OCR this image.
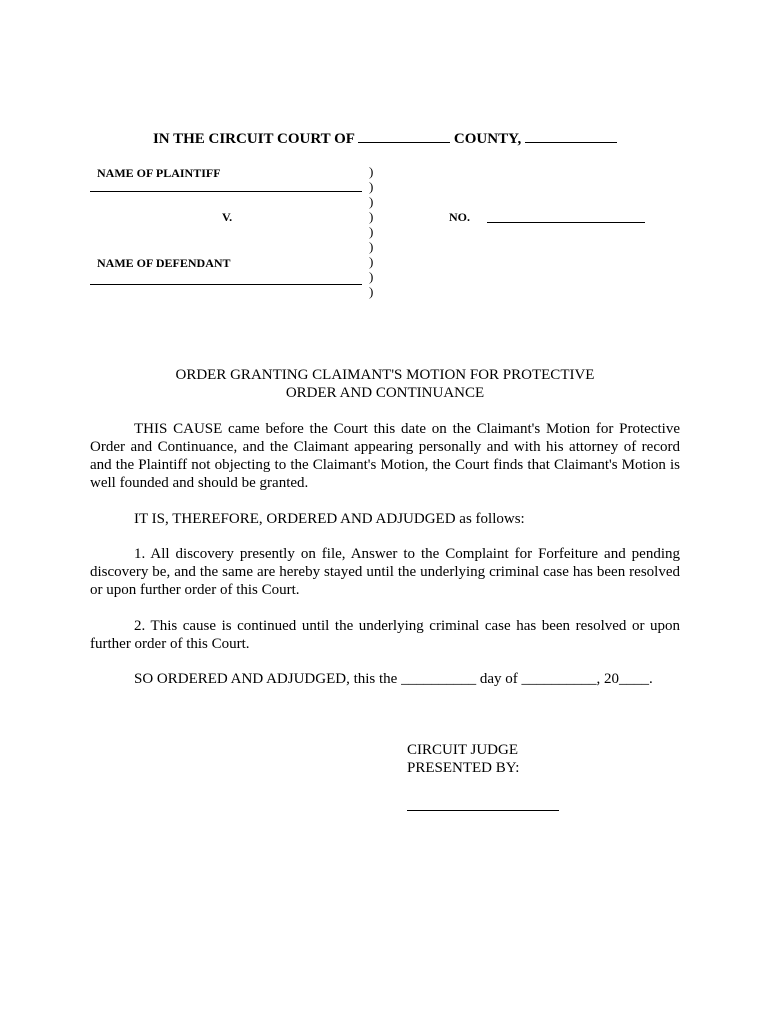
IN THE CIRCUIT COURT OF	COUNTY,
NAME OF PLAINTIFF
V.
NAME OF DEFENDANT
)
)
)
)
)
)
)
)
)
NO.
ORDER GRANTING CLAIMANT'S MOTION FOR PROTECTIVE
ORDER AND CONTINUANCE
THIS CAUSE came before the Court this date on the Claimant's Motion for Protective Order and Continuance, and the Claimant appearing personally and with his attorney of record and the Plaintiff not objecting to the Claimant's Motion, the Court finds that Claimant's Motion is well founded and should be granted.
IT IS, THEREFORE, ORDERED AND ADJUDGED as follows:
1. All discovery presently on file, Answer to the Complaint for Forfeiture and pending discovery be, and the same are hereby stayed until the underlying criminal case has been resolved or upon further order of this Court.
2. This cause is continued until the underlying criminal case has been resolved or upon further order of this Court.
SO ORDERED AND ADJUDGED, this the __________ day of __________, 20____.
CIRCUIT JUDGE
PRESENTED BY:
